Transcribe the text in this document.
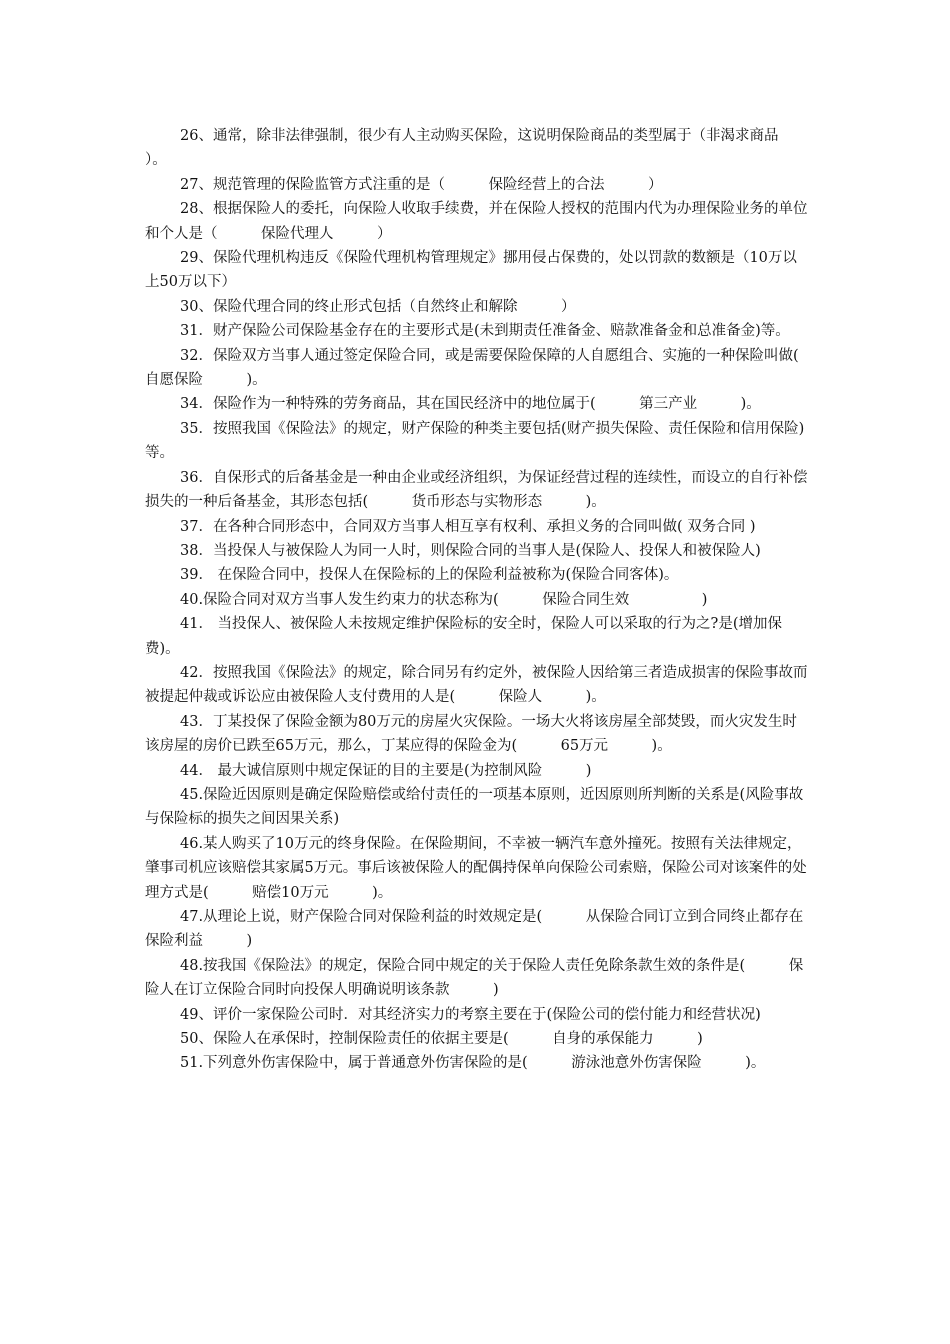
26、通常，除非法律强制，很少有人主动购买保险，这说明保险商品的类型属于（非渴求商品　　　　）。

27、规范管理的保险监管方式注重的是（　　　保险经营上的合法　　　）

28、根据保险人的委托，向保险人收取手续费，并在保险人授权的范围内代为办理保险业务的单位和个人是（　　　保险代理人　　　）

29、保险代理机构违反《保险代理机构管理规定》挪用侵占保费的，处以罚款的数额是（10万以上50万以下）

30、保险代理合同的终止形式包括（自然终止和解除　　　）

31．财产保险公司保险基金存在的主要形式是(未到期责任准备金、赔款准备金和总准备金)等。

32．保险双方当事人通过签定保险合同，或是需要保险保障的人自愿组合、实施的一种保险叫做(　　　自愿保险　　　)。

34．保险作为一种特殊的劳务商品，其在国民经济中的地位属于(　　　第三产业　　　)。

35．按照我国《保险法》的规定，财产保险的种类主要包括(财产损失保险、责任保险和信用保险)等。

36．自保形式的后备基金是一种由企业或经济组织，为保证经营过程的连续性，而设立的自行补偿损失的一种后备基金，其形态包括(　　　货币形态与实物形态　　　)。

37．在各种合同形态中，合同双方当事人相互享有权利、承担义务的合同叫做( 双务合同 )

38．当投保人与被保险人为同一人时，则保险合同的当事人是(保险人、投保人和被保险人)

39． 在保险合同中，投保人在保险标的上的保险利益被称为(保险合同客体)。

40.保险合同对双方当事人发生约束力的状态称为(　　　保险合同生效　　　　　)

41． 当投保人、被保险人未按规定维护保险标的安全时，保险人可以采取的行为之?是(增加保费)。

42．按照我国《保险法》的规定，除合同另有约定外，被保险人因给第三者造成损害的保险事故而被提起仲裁或诉讼应由被保险人支付费用的人是(　　　保险人　　　)。

43．丁某投保了保险金额为80万元的房屋火灾保险。一场大火将该房屋全部焚毁，而火灾发生时该房屋的房价已跌至65万元，那么，丁某应得的保险金为(　　　65万元　　　)。

44． 最大诚信原则中规定保证的目的主要是(为控制风险　　　)

45.保险近因原则是确定保险赔偿或给付责任的一项基本原则，近因原则所判断的关系是(风险事故与保险标的损失之间因果关系)

46.某人购买了10万元的终身保险。在保险期间，不幸被一辆汽车意外撞死。按照有关法律规定，肇事司机应该赔偿其家属5万元。事后该被保险人的配偶持保单向保险公司索赔，保险公司对该案件的处理方式是(　　　赔偿10万元　　　)。

47.从理论上说，财产保险合同对保险利益的时效规定是(　　　从保险合同订立到合同终止都存在保险利益　　　)

48.按我国《保险法》的规定，保险合同中规定的关于保险人责任免除条款生效的条件是(　　　保险人在订立保险合同时向投保人明确说明该条款　　　)

49、评价一家保险公司时．对其经济实力的考察主要在于(保险公司的偿付能力和经营状况)

50、保险人在承保时，控制保险责任的依据主要是(　　　自身的承保能力　　　)

51.下列意外伤害保险中，属于普通意外伤害保险的是(　　　游泳池意外伤害保险　　　)。
